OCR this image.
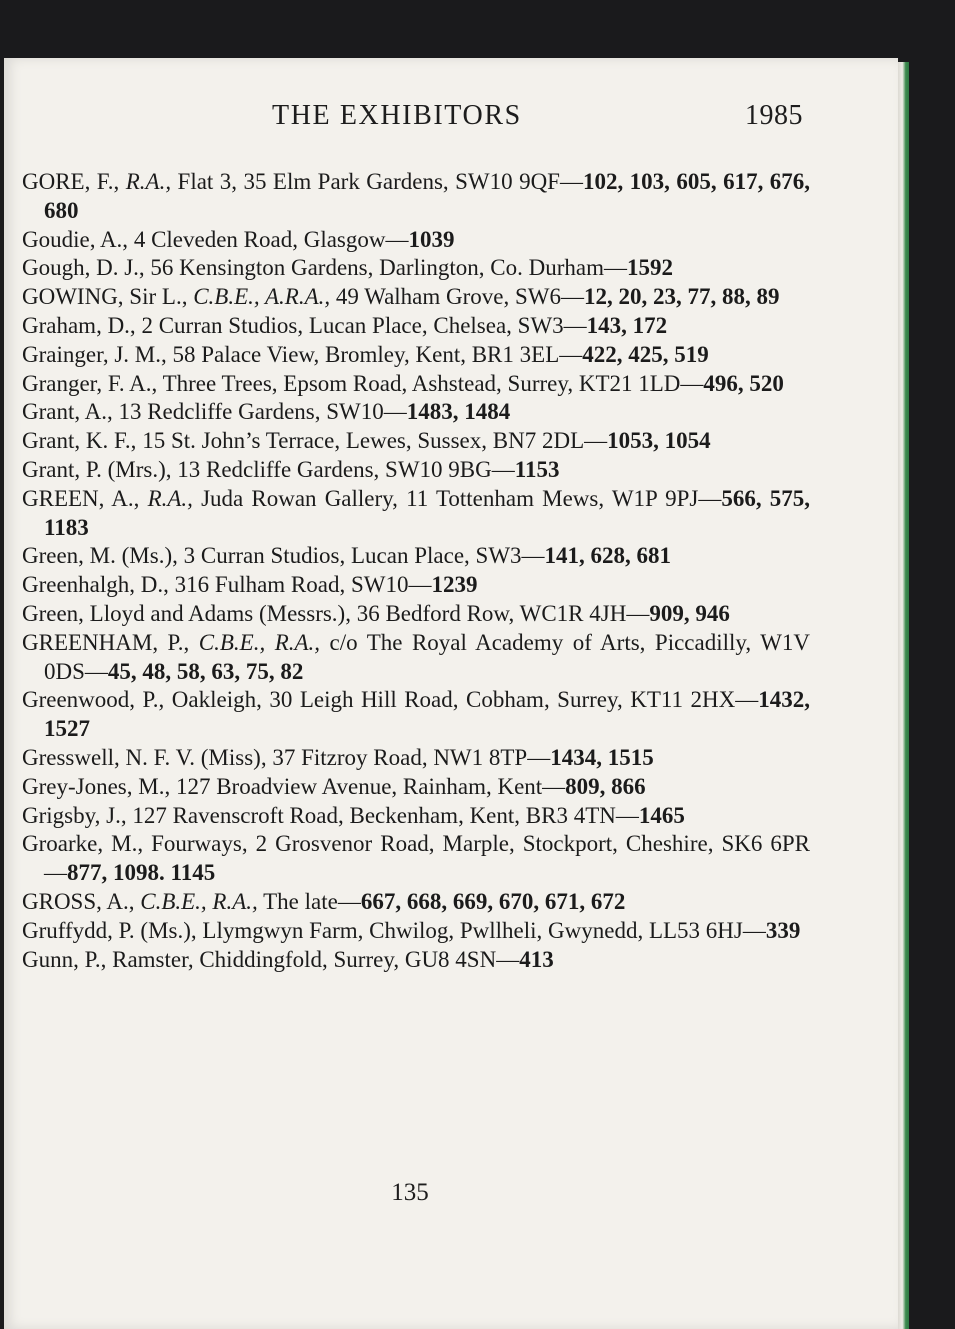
THE EXHIBITORS	1985

GORE, F., R.A., Flat 3, 35 Elm Park Gardens, SW10 9QF—102, 103, 605, 617, 676, 680

Goudie, A., 4 Cleveden Road, Glasgow—1039

Gough, D. J., 56 Kensington Gardens, Darlington, Co. Durham—1592

GOWING, Sir L., C.B.E., A.R.A., 49 Walham Grove, SW6—12, 20, 23, 77, 88, 89

Graham, D., 2 Curran Studios, Lucan Place, Chelsea, SW3—143, 172

Grainger, J. M., 58 Palace View, Bromley, Kent, BR1 3EL—422, 425, 519

Granger, F. A., Three Trees, Epsom Road, Ashstead, Surrey, KT21 1LD—496, 520

Grant, A., 13 Redcliffe Gardens, SW10—1483, 1484

Grant, K. F., 15 St. John’s Terrace, Lewes, Sussex, BN7 2DL—1053, 1054

Grant, P. (Mrs.), 13 Redcliffe Gardens, SW10 9BG—1153

GREEN, A., R.A., Juda Rowan Gallery, 11 Tottenham Mews, W1P 9PJ—566, 575, 1183

Green, M. (Ms.), 3 Curran Studios, Lucan Place, SW3—141, 628, 681

Greenhalgh, D., 316 Fulham Road, SW10—1239

Green, Lloyd and Adams (Messrs.), 36 Bedford Row, WC1R 4JH—909, 946

GREENHAM, P., C.B.E., R.A., c/o The Royal Academy of Arts, Piccadilly, W1V 0DS—45, 48, 58, 63, 75, 82

Greenwood, P., Oakleigh, 30 Leigh Hill Road, Cobham, Surrey, KT11 2HX—1432, 1527

Gresswell, N. F. V. (Miss), 37 Fitzroy Road, NW1 8TP—1434, 1515

Grey-Jones, M., 127 Broadview Avenue, Rainham, Kent—809, 866

Grigsby, J., 127 Ravenscroft Road, Beckenham, Kent, BR3 4TN—1465

Groarke, M., Fourways, 2 Grosvenor Road, Marple, Stockport, Cheshire, SK6 6PR—877, 1098. 1145

GROSS, A., C.B.E., R.A., The late—667, 668, 669, 670, 671, 672

Gruffydd, P. (Ms.), Llymgwyn Farm, Chwilog, Pwllheli, Gwynedd, LL53 6HJ—339

Gunn, P., Ramster, Chiddingfold, Surrey, GU8 4SN—413

135
